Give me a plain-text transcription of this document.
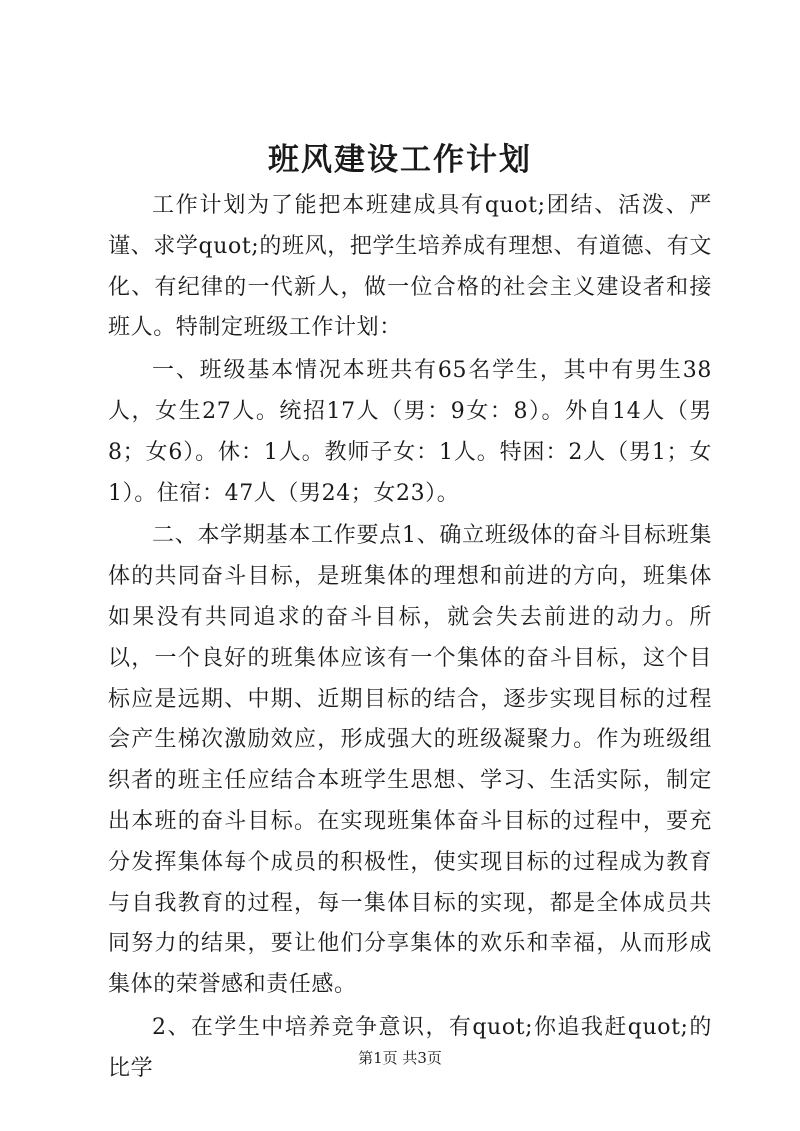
班风建设工作计划

工作计划为了能把本班建成具有quot;团结、活泼、严谨、求学quot;的班风，把学生培养成有理想、有道德、有文化、有纪律的一代新人，做一位合格的社会主义建设者和接班人。特制定班级工作计划：

一、班级基本情况本班共有65名学生，其中有男生38人，女生27人。统招17人（男：9女：8）。外自14人（男8；女6）。休：1人。教师子女：1人。特困：2人（男1；女1）。住宿：47人（男24；女23）。

二、本学期基本工作要点1、确立班级体的奋斗目标班集体的共同奋斗目标，是班集体的理想和前进的方向，班集体如果没有共同追求的奋斗目标，就会失去前进的动力。所以，一个良好的班集体应该有一个集体的奋斗目标，这个目标应是远期、中期、近期目标的结合，逐步实现目标的过程会产生梯次激励效应，形成强大的班级凝聚力。作为班级组织者的班主任应结合本班学生思想、学习、生活实际，制定出本班的奋斗目标。在实现班集体奋斗目标的过程中，要充分发挥集体每个成员的积极性，使实现目标的过程成为教育与自我教育的过程，每一集体目标的实现，都是全体成员共同努力的结果，要让他们分享集体的欢乐和幸福，从而形成集体的荣誉感和责任感。

2、在学生中培养竞争意识，有quot;你追我赶quot;的比学	第1页 共3页
